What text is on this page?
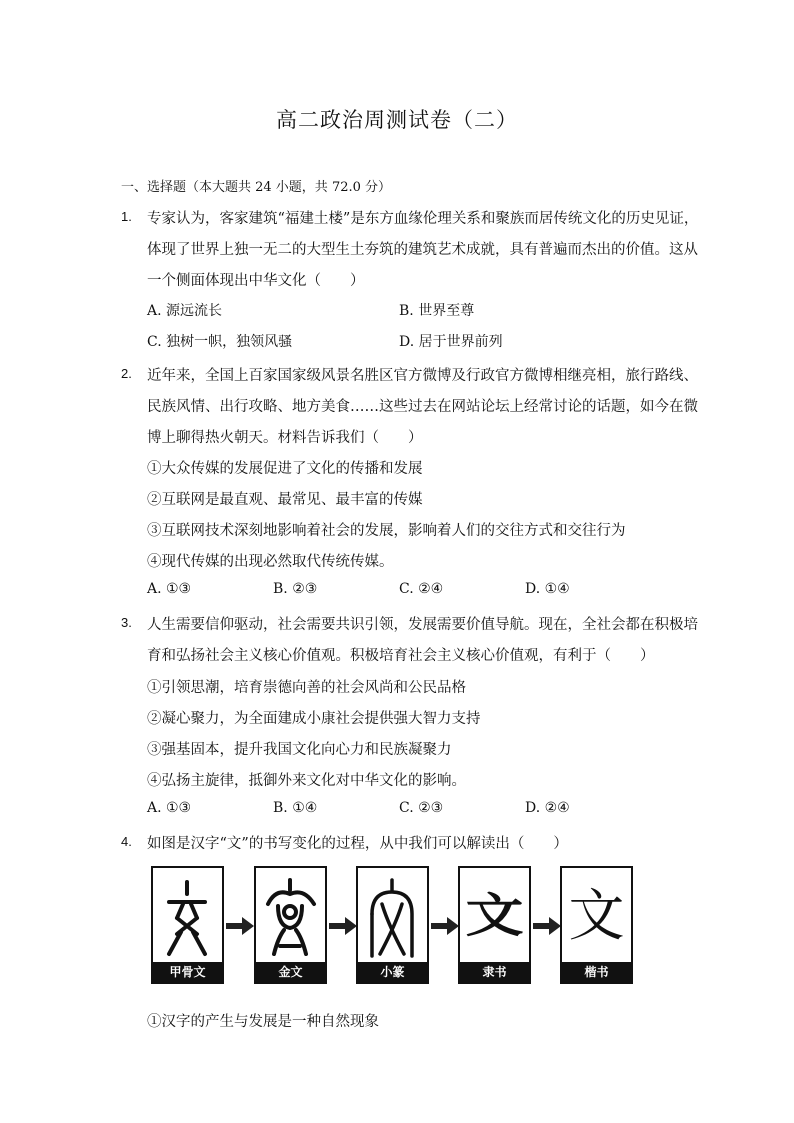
高二政治周测试卷（二）
一、选择题（本大题共 24 小题，共 72.0 分）
1. 专家认为，客家建筑“福建土楼”是东方血缘伦理关系和聚族而居传统文化的历史见证，
体现了世界上独一无二的大型生土夯筑的建筑艺术成就，具有普遍而杰出的价值。这从
一个侧面体现出中华文化（　　）
A. 源远流长	B. 世界至尊
C. 独树一帜，独领风骚	D. 居于世界前列
2. 近年来，全国上百家国家级风景名胜区官方微博及行政官方微博相继亮相，旅行路线、
民族风情、出行攻略、地方美食……这些过去在网站论坛上经常讨论的话题，如今在微
博上聊得热火朝天。材料告诉我们（　　）
①大众传媒的发展促进了文化的传播和发展
②互联网是最直观、最常见、最丰富的传媒
③互联网技术深刻地影响着社会的发展，影响着人们的交往方式和交往行为
④现代传媒的出现必然取代传统传媒。
A. ①③	B. ②③	C. ②④	D. ①④
3. 人生需要信仰驱动，社会需要共识引领，发展需要价值导航。现在，全社会都在积极培
育和弘扬社会主义核心价值观。积极培育社会主义核心价值观，有利于（　　）
①引领思潮，培育崇德向善的社会风尚和公民品格
②凝心聚力，为全面建成小康社会提供强大智力支持
③强基固本，提升我国文化向心力和民族凝聚力
④弘扬主旋律，抵御外来文化对中华文化的影响。
A. ①③	B. ①④	C. ②③	D. ②④
4. 如图是汉字“文”的书写变化的过程，从中我们可以解读出（　　）
甲骨文	金文	小篆
文
隶书
文
楷书
①汉字的产生与发展是一种自然现象
